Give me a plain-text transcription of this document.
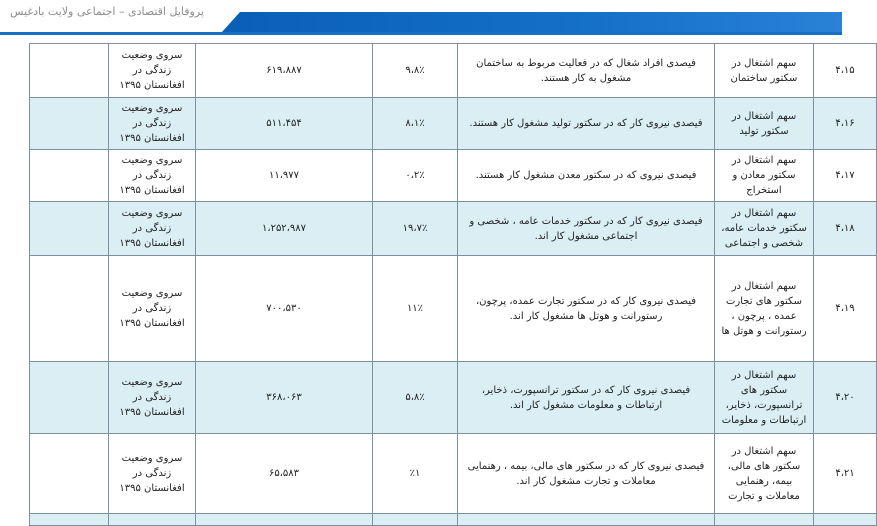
پروفایل اقتصادی – اجتماعی ولایت بادغیس
	سروی وضعیت زندگی در افغانستان ۱۳۹۵	۶۱۹،۸۸۷	۹،۸٪	فیصدی افراد شغال که در فعالیت مربوط به ساختمان مشغول به کار هستند.	سهم اشتغال در سکتور ساختمان	۴،۱۵
	سروی وضعیت زندگی در افغانستان ۱۳۹۵	۵۱۱،۴۵۴	۸،۱٪	فیصدی نیروی کار که در سکتور تولید مشغول کار هستند.	سهم اشتغال در سکتور تولید	۴،۱۶
	سروی وضعیت زندگی در افغانستان ۱۳۹۵	۱۱،۹۷۷	۰،۲٪	فیصدی نیروی که در سکتور معدن مشغول کار هستند.	سهم اشتغال در سکتور معادن و استخراج	۴،۱۷
	سروی وضعیت زندگی در افغانستان ۱۳۹۵	۱،۲۵۲،۹۸۷	۱۹،۷٪	فیصدی نیروی کار که در سکتور خدمات عامه ، شخصی و اجتماعی مشغول کار اند.	سهم اشتغال در سکتور خدمات عامه، شخصی و اجتماعی	۴،۱۸
	سروی وضعیت زندگی در افغانستان ۱۳۹۵	۷۰۰،۵۳۰	۱۱٪	فیصدی نیروی کار که در سکتور تجارت عمده، پرچون، رستورانت و هوتل ها مشغول کار اند.	سهم اشتغال در سکتور های تجارت عمده ، پرچون ، رستورانت و هوتل ها	۴،۱۹
	سروی وضعیت زندگی در افغانستان ۱۳۹۵	۳۶۸،۰۶۳	۵،۸٪	فیصدی نیروی کار که در سکتور ترانسپورت، ذخایر، ارتباطات و معلومات مشغول کار اند.	سهم اشتغال در سکتور های ترانسپورت، ذخایر، ارتباطات و معلومات	۴،۲۰
	سروی وضعیت زندگی در افغانستان ۱۳۹۵	۶۵،۵۸۳	٪۱	فیصدی نیروی کار که در سکتور های مالی، بیمه ، رهنمایی معاملات و تجارت مشغول کار اند.	سهم اشتغال در سکتور های مالی، بیمه، رهنمایی معاملات و تجارت	۴،۲۱
